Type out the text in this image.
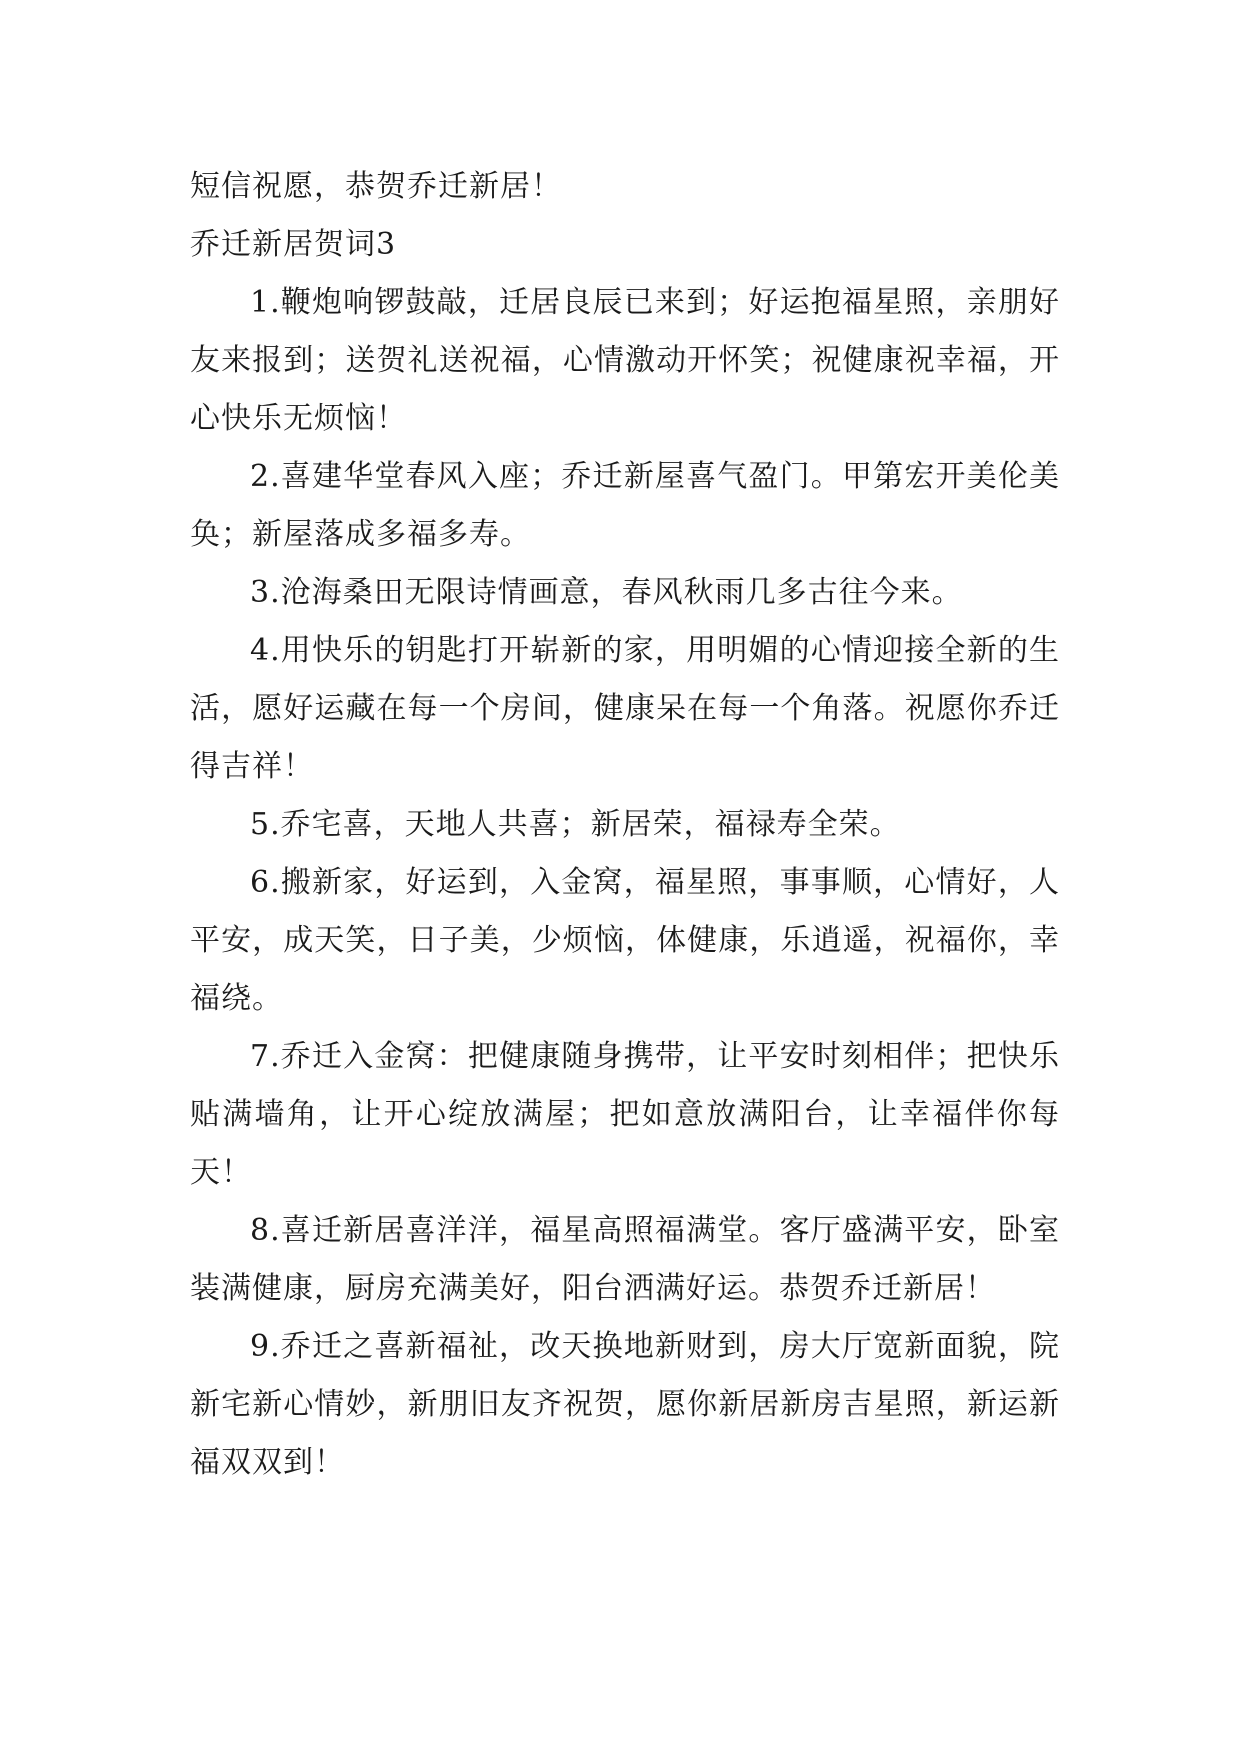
短信祝愿，恭贺乔迁新居！

乔迁新居贺词3

1.鞭炮响锣鼓敲，迁居良辰已来到；好运抱福星照，亲朋好友来报到；送贺礼送祝福，心情激动开怀笑；祝健康祝幸福，开心快乐无烦恼！

2.喜建华堂春风入座；乔迁新屋喜气盈门。甲第宏开美伦美奂；新屋落成多福多寿。

3.沧海桑田无限诗情画意，春风秋雨几多古往今来。

4.用快乐的钥匙打开崭新的家，用明媚的心情迎接全新的生活，愿好运藏在每一个房间，健康呆在每一个角落。祝愿你乔迁得吉祥！

5.乔宅喜，天地人共喜；新居荣，福禄寿全荣。

6.搬新家，好运到，入金窝，福星照，事事顺，心情好，人平安，成天笑，日子美，少烦恼，体健康，乐逍遥，祝福你，幸福绕。

7.乔迁入金窝：把健康随身携带，让平安时刻相伴；把快乐贴满墙角，让开心绽放满屋；把如意放满阳台，让幸福伴你每天！

8.喜迁新居喜洋洋，福星高照福满堂。客厅盛满平安，卧室装满健康，厨房充满美好，阳台洒满好运。恭贺乔迁新居！

9.乔迁之喜新福祉，改天换地新财到，房大厅宽新面貌，院新宅新心情妙，新朋旧友齐祝贺，愿你新居新房吉星照，新运新福双双到！
